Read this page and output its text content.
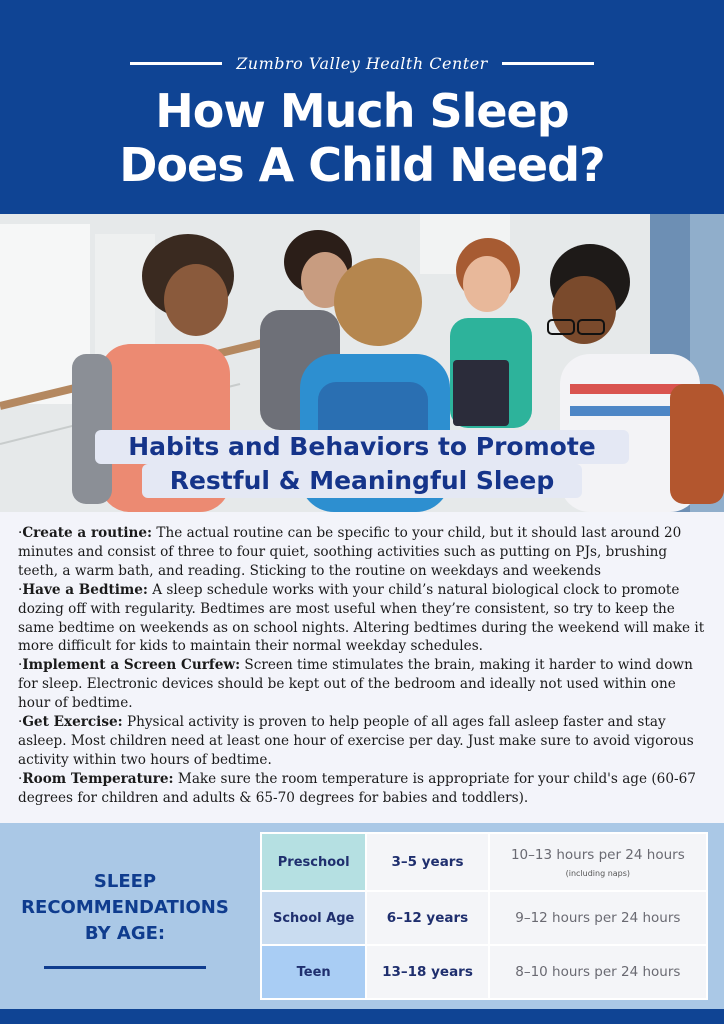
Zumbro Valley Health Center
How Much Sleep
Does A Child Need?
Habits and Behaviors to Promote
Restful & Meaningful Sleep
·Create a routine: The actual routine can be specific to your child, but it should last around 20 minutes and consist of three to four quiet, soothing activities such as putting on PJs, brushing teeth, a warm bath, and reading. Sticking to the routine on weekdays and weekends
·Have a Bedtime: A sleep schedule works with your child’s natural biological clock to promote dozing off with regularity. Bedtimes are most useful when they’re consistent, so try to keep the same bedtime on weekends as on school nights. Altering bedtimes during the weekend will make it more difficult for kids to maintain their normal weekday schedules.
·Implement a Screen Curfew: Screen time stimulates the brain, making it harder to wind down for sleep. Electronic devices should be kept out of the bedroom and ideally not used within one hour of bedtime.
·Get Exercise: Physical activity is proven to help people of all ages fall asleep faster and stay asleep. Most children need at least one hour of exercise per day. Just make sure to avoid vigorous activity within two hours of bedtime.
·Room Temperature: Make sure the room temperature is appropriate for your child's age (60-67 degrees for children and adults & 65-70 degrees for babies and toddlers).
SLEEP
RECOMMENDATIONS
BY AGE:
Preschool	3–5 years	10–13 hours per 24 hours
(including naps)

School Age	6–12 years	9–12 hours per 24 hours
Teen	13–18 years	8–10 hours per 24 hours
